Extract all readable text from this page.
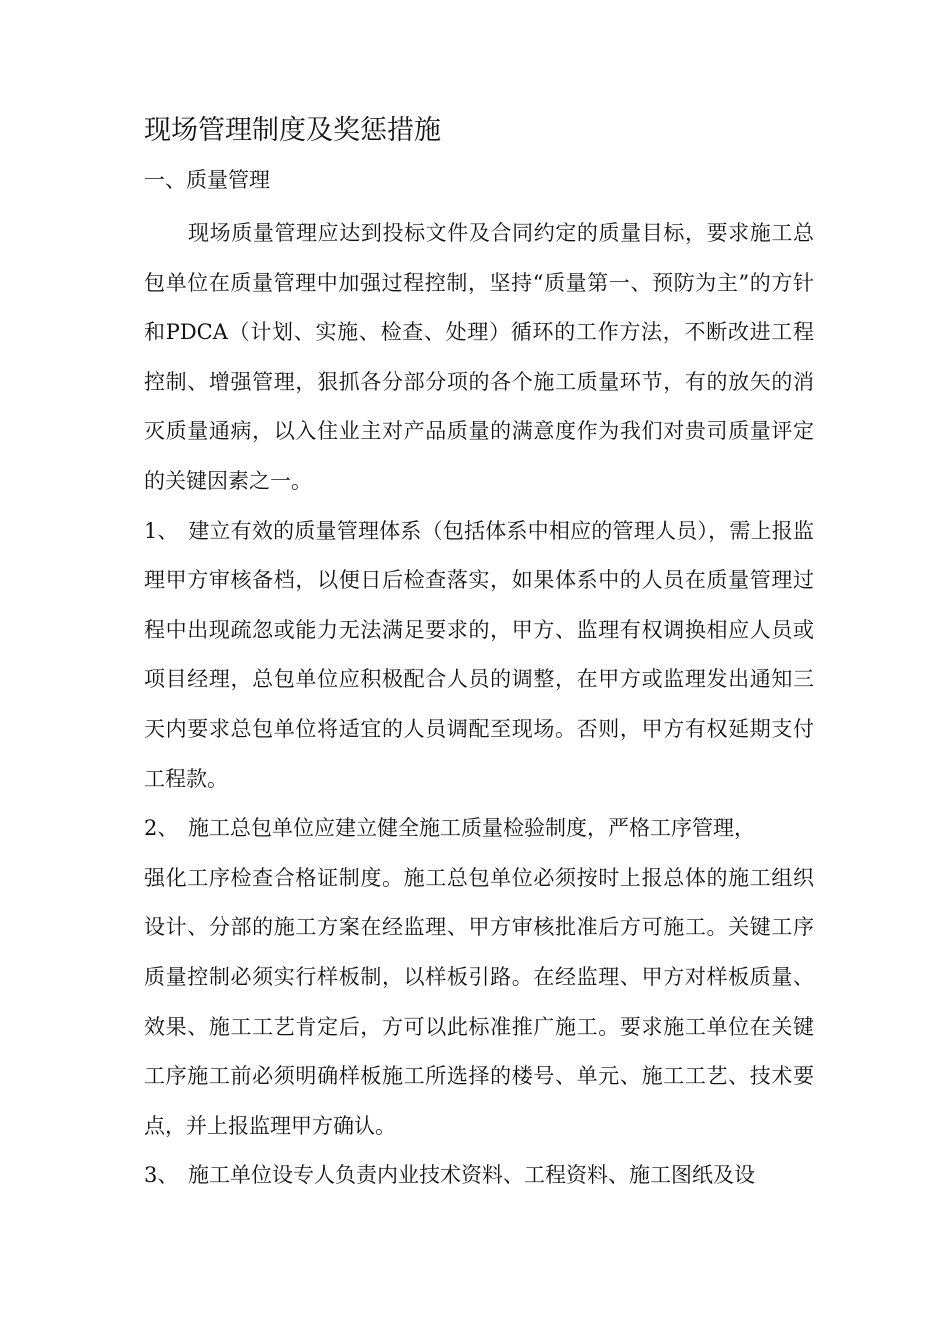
现场管理制度及奖惩措施
一、质量管理

现场质量管理应达到投标文件及合同约定的质量目标，要求施工总包单位在质量管理中加强过程控制，坚持“质量第一、预防为主”的方针和PDCA（计划、实施、检查、处理）循环的工作方法，不断改进工程控制、增强管理，狠抓各分部分项的各个施工质量环节，有的放矢的消灭质量通病，以入住业主对产品质量的满意度作为我们对贵司质量评定的关键因素之一。

1、 建立有效的质量管理体系（包括体系中相应的管理人员），需上报监理甲方审核备档，以便日后检查落实，如果体系中的人员在质量管理过程中出现疏忽或能力无法满足要求的，甲方、监理有权调换相应人员或项目经理，总包单位应积极配合人员的调整，在甲方或监理发出通知三天内要求总包单位将适宜的人员调配至现场。否则，甲方有权延期支付工程款。

2、 施工总包单位应建立健全施工质量检验制度，严格工序管理，
强化工序检查合格证制度。施工总包单位必须按时上报总体的施工组织设计、分部的施工方案在经监理、甲方审核批准后方可施工。关键工序质量控制必须实行样板制，以样板引路。在经监理、甲方对样板质量、效果、施工工艺肯定后，方可以此标准推广施工。要求施工单位在关键工序施工前必须明确样板施工所选择的楼号、单元、施工工艺、技术要点，并上报监理甲方确认。

3、 施工单位设专人负责内业技术资料、工程资料、施工图纸及设
